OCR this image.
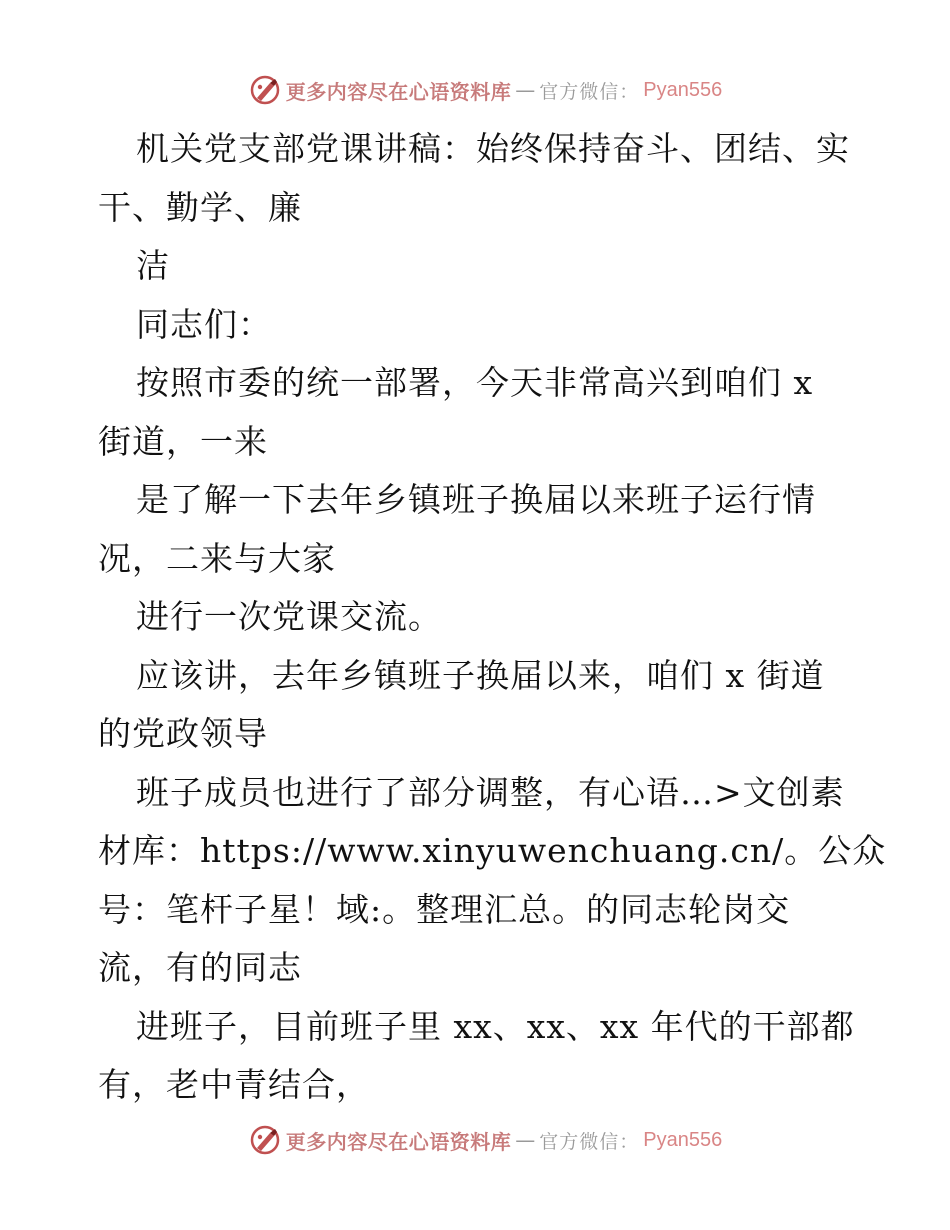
更多内容尽在心语资料库 — 官方微信： Pyan556
机关党支部党课讲稿：始终保持奋斗、团结、实
干、勤学、廉
洁
同志们：
按照市委的统一部署，今天非常高兴到咱们 x
街道，一来
是了解一下去年乡镇班子换届以来班子运行情
况，二来与大家
进行一次党课交流。
应该讲，去年乡镇班子换届以来，咱们 x 街道
的党政领导
班子成员也进行了部分调整，有心语…>文创素
材库：https://www.xinyuwenchuang.cn/。公众
号：笔杆子星！域:。整理汇总。的同志轮岗交
流，有的同志
进班子，目前班子里 xx、xx、xx 年代的干部都
有，老中青结合，
更多内容尽在心语资料库 — 官方微信： Pyan556
